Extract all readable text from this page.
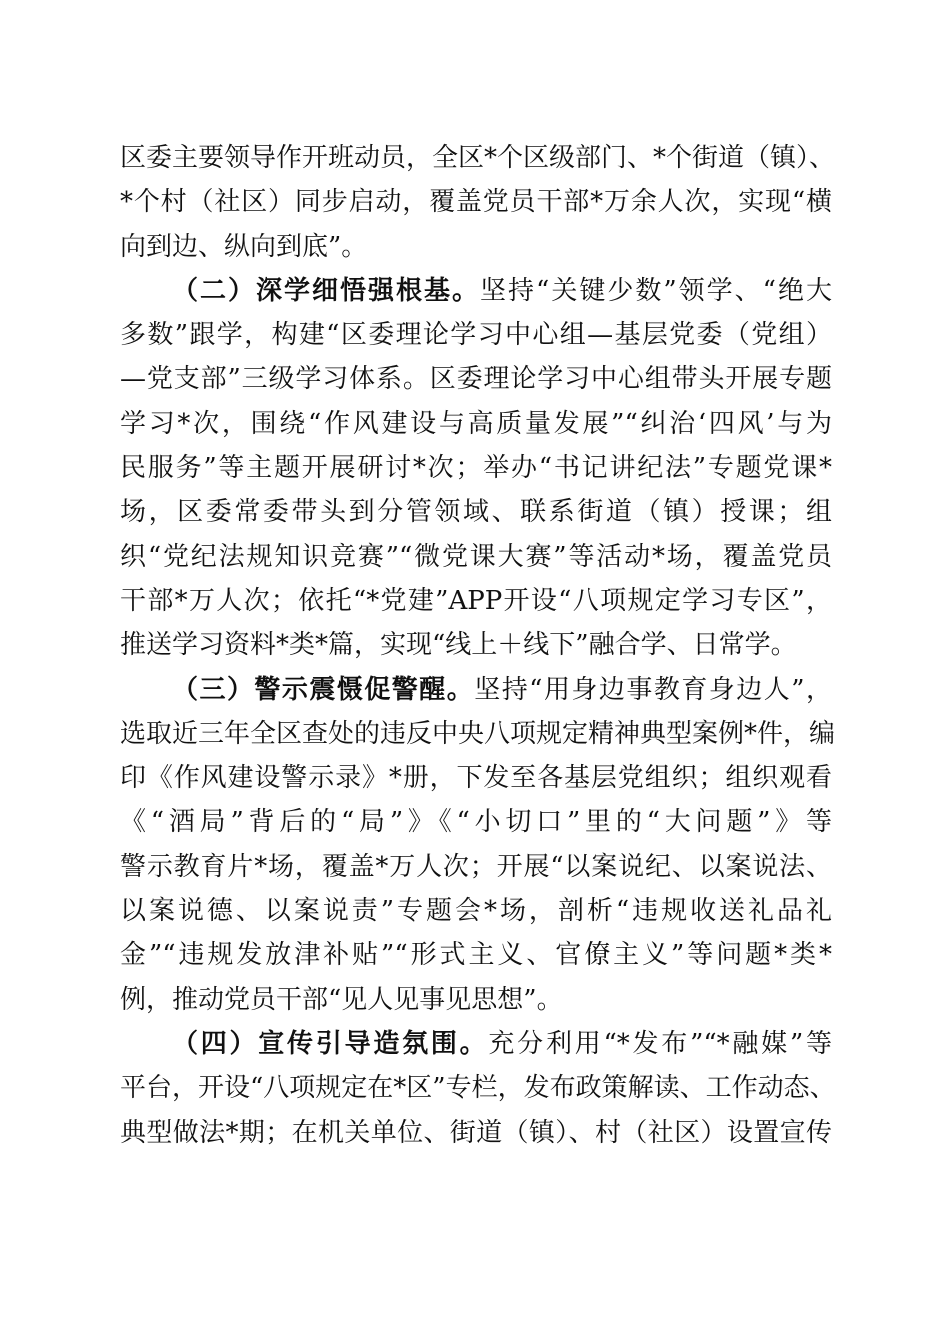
区委主要领导作开班动员，全区*个区级部门、*个街道（镇）、
*个村（社区）同步启动，覆盖党员干部*万余人次，实现“横
向到边、纵向到底”。
（二）深学细悟强根基。坚持“关键少数”领学、“绝大
多数”跟学，构建“区委理论学习中心组—基层党委（党组）
—党支部”三级学习体系。区委理论学习中心组带头开展专题
学习*次，围绕“作风建设与高质量发展”“纠治‘四风’与为
民服务”等主题开展研讨*次；举办“书记讲纪法”专题党课*
场，区委常委带头到分管领域、联系街道（镇）授课；组
织“党纪法规知识竞赛”“微党课大赛”等活动*场，覆盖党员
干部*万人次；依托“*党建”APP开设“八项规定学习专区”，
推送学习资料*类*篇，实现“线上＋线下”融合学、日常学。
（三）警示震慑促警醒。坚持“用身边事教育身边人”，
选取近三年全区查处的违反中央八项规定精神典型案例*件，编
印《作风建设警示录》*册，下发至各基层党组织；组织观看
《“酒局”背后的“局”》《“小切口”里的“大问题”》等
警示教育片*场，覆盖*万人次；开展“以案说纪、以案说法、
以案说德、以案说责”专题会*场，剖析“违规收送礼品礼
金”“违规发放津补贴”“形式主义、官僚主义”等问题*类*
例，推动党员干部“见人见事见思想”。
（四）宣传引导造氛围。充分利用“*发布”“*融媒”等
平台，开设“八项规定在*区”专栏，发布政策解读、工作动态、
典型做法*期；在机关单位、街道（镇）、村（社区）设置宣传
